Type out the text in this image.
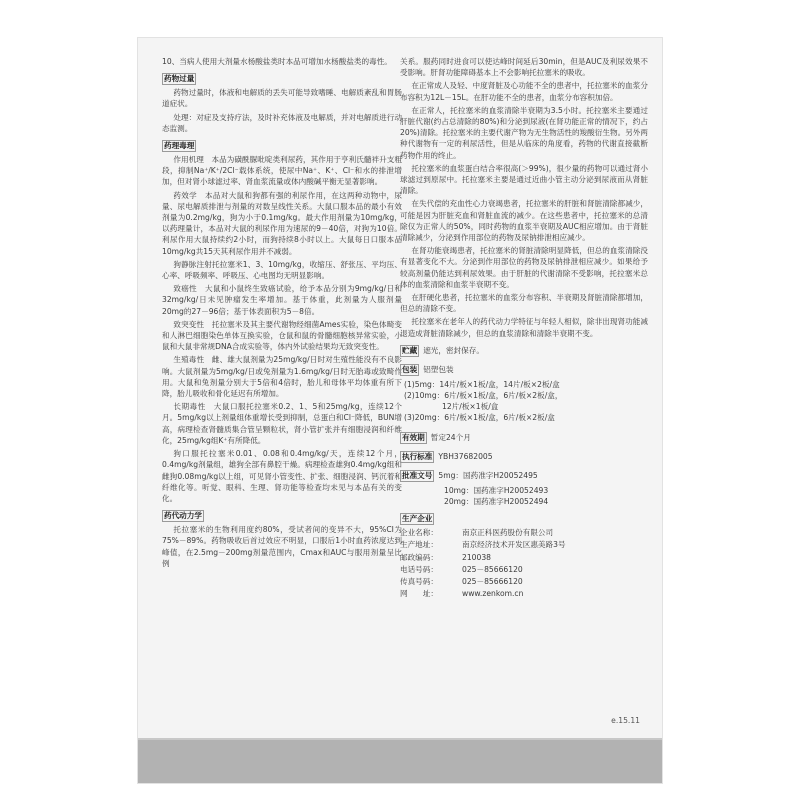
10、当病人使用大剂量水杨酸盐类时本品可增加水杨酸盐类的毒性。

药物过量

药物过量时，体液和电解质的丢失可能导致嗜睡、电解质紊乱和胃肠道症状。

处理：对症及支持疗法，及时补充体液及电解质，并对电解质进行动态监测。

药理毒理

作用机理　本品为磺酰脲吡啶类利尿药，其作用于亨利氏髓袢升支粗段，抑制Na⁺/K⁺/2Cl⁻载体系统，使尿中Na⁺、K⁺、Cl⁻和水的排泄增加，但对肾小球滤过率、肾血浆流量或体内酸碱平衡无显著影响。

药效学　本品对大鼠和狗都有强的利尿作用，在这两种动物中，尿量、尿电解质排泄与剂量的对数呈线性关系。大鼠口服本品的最小有效剂量为0.2mg/kg，狗为小于0.1mg/kg。最大作用剂量为10mg/kg，以药理量计，本品对大鼠的利尿作用为速尿的9－40倍，对狗为10倍。利尿作用大鼠持续约2小时，而狗持续8小时以上。大鼠每日口服本品10mg/kg共15天其利尿作用并不减弱。

狗静脉注射托拉塞米1、3、10mg/kg，收缩压、舒张压、平均压、心率、呼吸频率、呼吸压、心电图均无明显影响。

致癌性　大鼠和小鼠终生致癌试验，给予本品分别为9mg/kg/日和32mg/kg/日未见肿瘤发生率增加。基于体重，此剂量为人服剂量20mg的27－96倍；基于体表面积为5－8倍。

致突变性　托拉塞米及其主要代谢物经细菌Ames实验，染色体畸变和人淋巴细胞染色单体互换实验，仓鼠和鼠的骨髓细胞核异常实验，小鼠和大鼠非常规DNA合成实验等，体内外试验结果均无致突变性。

生殖毒性　雌、雄大鼠剂量为25mg/kg/日时对生殖性能没有不良影响。大鼠剂量为5mg/kg/日或兔剂量为1.6mg/kg/日时无胎毒或致畸作用。大鼠和兔剂量分别大于5倍和4倍时，胎儿和母体平均体重有所下降，胎儿吸收和骨化延迟有所增加。

长期毒性　大鼠口服托拉塞米0.2、1、5和25mg/kg，连续12个月。5mg/kg以上剂量组体重增长受到抑制，总蛋白和Cl⁻降低，BUN增高，病理检查肾髓质集合管呈颗粒状，肾小管扩张并有细胞浸润和纤维化，25mg/kg组K⁺有所降低。

狗口服托拉塞米0.01、0.08和0.4mg/kg/天，连续12个月，0.4mg/kg剂量组，雄狗全部有鼻腔干燥。病理检查雄狗0.4mg/kg组和雌狗0.08mg/kg以上组，可见肾小管变性、扩张、细胞浸润、钙沉着和纤维化等。听觉、眼科、生理、肾功能等检查均未见与本品有关的变化。

药代动力学

托拉塞米的生物利用度约80%，受试者间的变异不大，95%CI为75%－89%。药物吸收后首过效应不明显，口服后1小时血药浓度达到峰值，在2.5mg－200mg剂量范围内，Cmax和AUC与服用剂量呈比例

关系。服药同时进食可以使达峰时间延后30min，但是AUC及利尿效果不受影响。肝肾功能障碍基本上不会影响托拉塞米的吸收。

在正常成人及轻、中度肾脏及心功能不全的患者中，托拉塞米的血浆分布容积为12L－15L。在肝功能不全的患者，血浆分布容积加倍。

在正常人，托拉塞米的血浆清除半衰期为3.5小时。托拉塞米主要通过肝脏代谢(约占总清除的80%)和分泌到尿液(在肾功能正常的情况下，约占20%)清除。托拉塞米的主要代谢产物为无生物活性的羧酸衍生物。另外两种代谢物有一定的利尿活性，但是从临床的角度看，药物的代谢直接截断药物作用的终止。

托拉塞米的血浆蛋白结合率很高(＞99%)，很少量的药物可以通过肾小球滤过到原尿中。托拉塞米主要是通过近曲小管主动分泌到尿液而从肾脏清除。

在失代偿的充血性心力衰竭患者，托拉塞米的肝脏和肾脏清除都减少，可能是因为肝脏充血和肾脏血流的减少。在这些患者中，托拉塞米的总清除仅为正常人的50%，同时药物的血浆半衰期及AUC相应增加。由于肾脏清除减少，分泌到作用部位的药物及尿钠排泄相应减少。

在肾功能衰竭患者，托拉塞米的肾脏清除明显降低，但总的血浆清除没有显著变化不大。分泌到作用部位的药物及尿钠排泄相应减少。如果给予较高剂量仍能达到利尿效果。由于肝脏的代谢清除不受影响，托拉塞米总体的血浆清除和血浆半衰期不变。

在肝硬化患者，托拉塞米的血浆分布容积、半衰期及肾脏清除都增加，但总的清除不变。

托拉塞米在老年人的药代动力学特征与年轻人相似，除非出现肾功能减退造成肾脏清除减少，但总的血浆清除和清除半衰期不变。

贮藏 遮光，密封保存。
包装 铝塑包装
(1)5mg：14片/板×1板/盒，14片/板×2板/盒
(2)10mg：6片/板×1板/盒，6片/板×2板/盒，
12片/板×1板/盒
(3)20mg：6片/板×1板/盒，6片/板×2板/盒
有效期 暂定24个月
执行标准 YBH37682005
批准文号 5mg：国药准字H20052495
10mg：国药准字H20052493
20mg：国药准字H20052494
生产企业
企业名称：	南京正科医药股份有限公司
生产地址：	南京经济技术开发区惠美路3号
邮政编码：	210038
电话号码：	025－85666120
传真号码：	025－85666120
网　　址：	www.zenkom.cn
e.15.11
